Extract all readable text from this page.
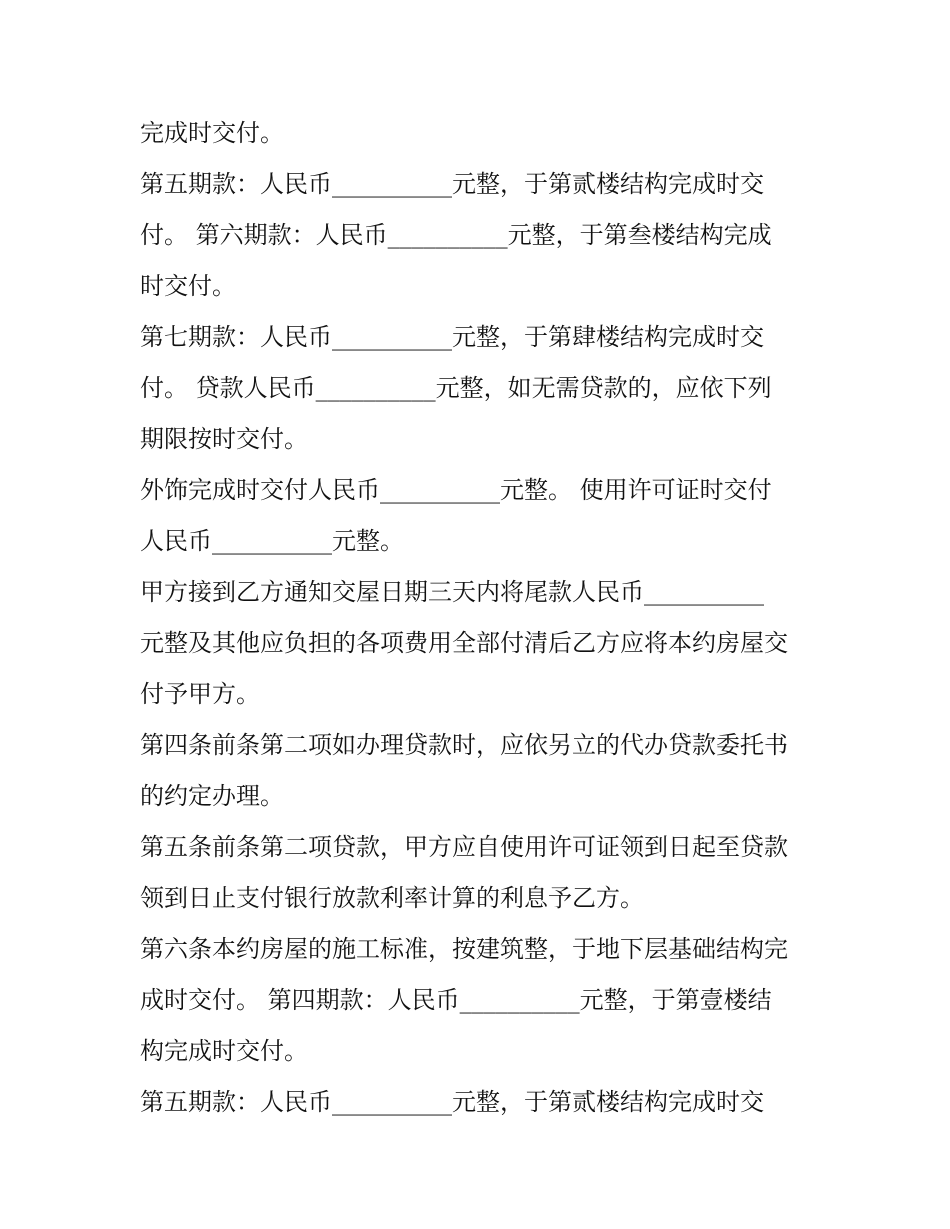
完成时交付。
第五期款：人民币__________元整，于第贰楼结构完成时交
付。 第六期款：人民币__________元整，于第叁楼结构完成
时交付。
第七期款：人民币__________元整，于第肆楼结构完成时交
付。 贷款人民币__________元整，如无需贷款的，应依下列
期限按时交付。
外饰完成时交付人民币__________元整。 使用许可证时交付
人民币__________元整。
甲方接到乙方通知交屋日期三天内将尾款人民币__________
元整及其他应负担的各项费用全部付清后乙方应将本约房屋交
付予甲方。
第四条前条第二项如办理贷款时，应依另立的代办贷款委托书
的约定办理。
第五条前条第二项贷款，甲方应自使用许可证领到日起至贷款
领到日止支付银行放款利率计算的利息予乙方。
第六条本约房屋的施工标准，按建筑整，于地下层基础结构完
成时交付。 第四期款：人民币__________元整，于第壹楼结
构完成时交付。
第五期款：人民币__________元整，于第贰楼结构完成时交
